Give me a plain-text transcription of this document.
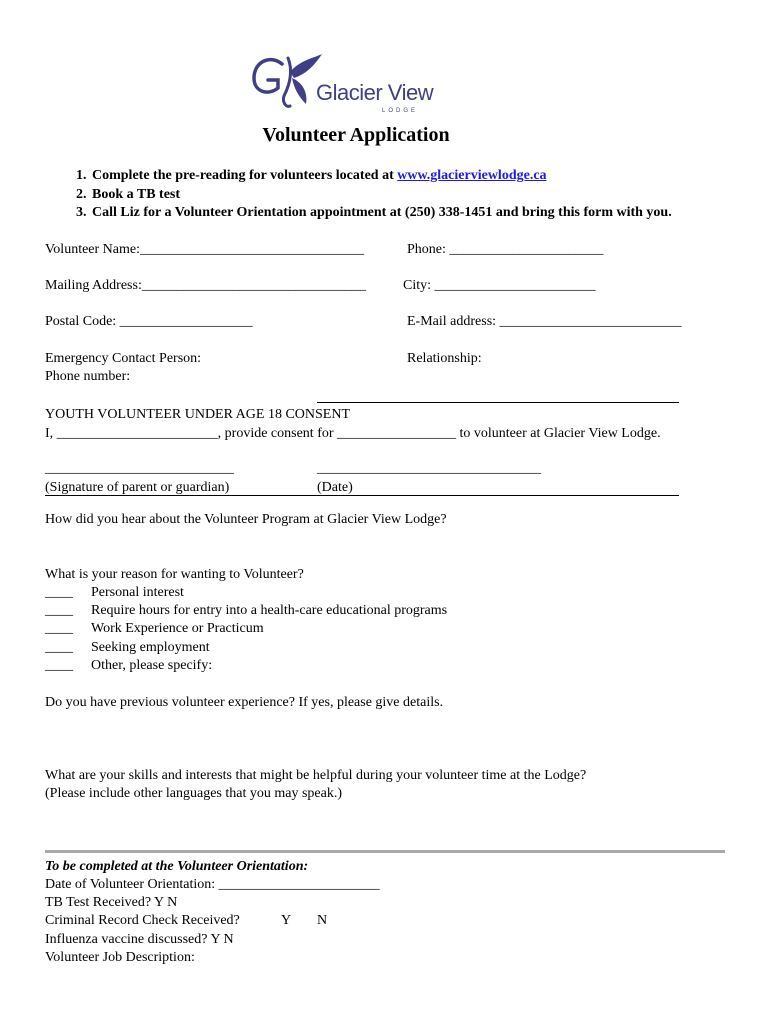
Glacier View
LODGE
Volunteer Application
1. Complete the pre-reading for volunteers located at www.glacierviewlodge.ca
2. Book a TB test
3. Call Liz for a Volunteer Orientation appointment at (250) 338-1451 and bring this form with you.
Volunteer Name:________________________________	Phone: ______________________
Mailing Address:________________________________	City: _______________________
Postal Code: ___________________	E-Mail address: __________________________
Emergency Contact Person:	Relationship:
Phone number:
YOUTH VOLUNTEER UNDER AGE 18 CONSENT
I, _______________________, provide consent for _________________ to volunteer at Glacier View Lodge.
___________________________	________________________________
(Signature of parent or guardian)	(Date)
How did you hear about the Volunteer Program at Glacier View Lodge?
What is your reason for wanting to Volunteer?
____ Personal interest
____ Require hours for entry into a health-care educational programs
____ Work Experience or Practicum
____ Seeking employment
____ Other, please specify:
Do you have previous volunteer experience? If yes, please give details.
What are your skills and interests that might be helpful during your volunteer time at the Lodge?
(Please include other languages that you may speak.)
To be completed at the Volunteer Orientation:
Date of Volunteer Orientation: _______________________
TB Test Received? Y N
Criminal Record Check Received?	Y N
Influenza vaccine discussed? Y N
Volunteer Job Description:
